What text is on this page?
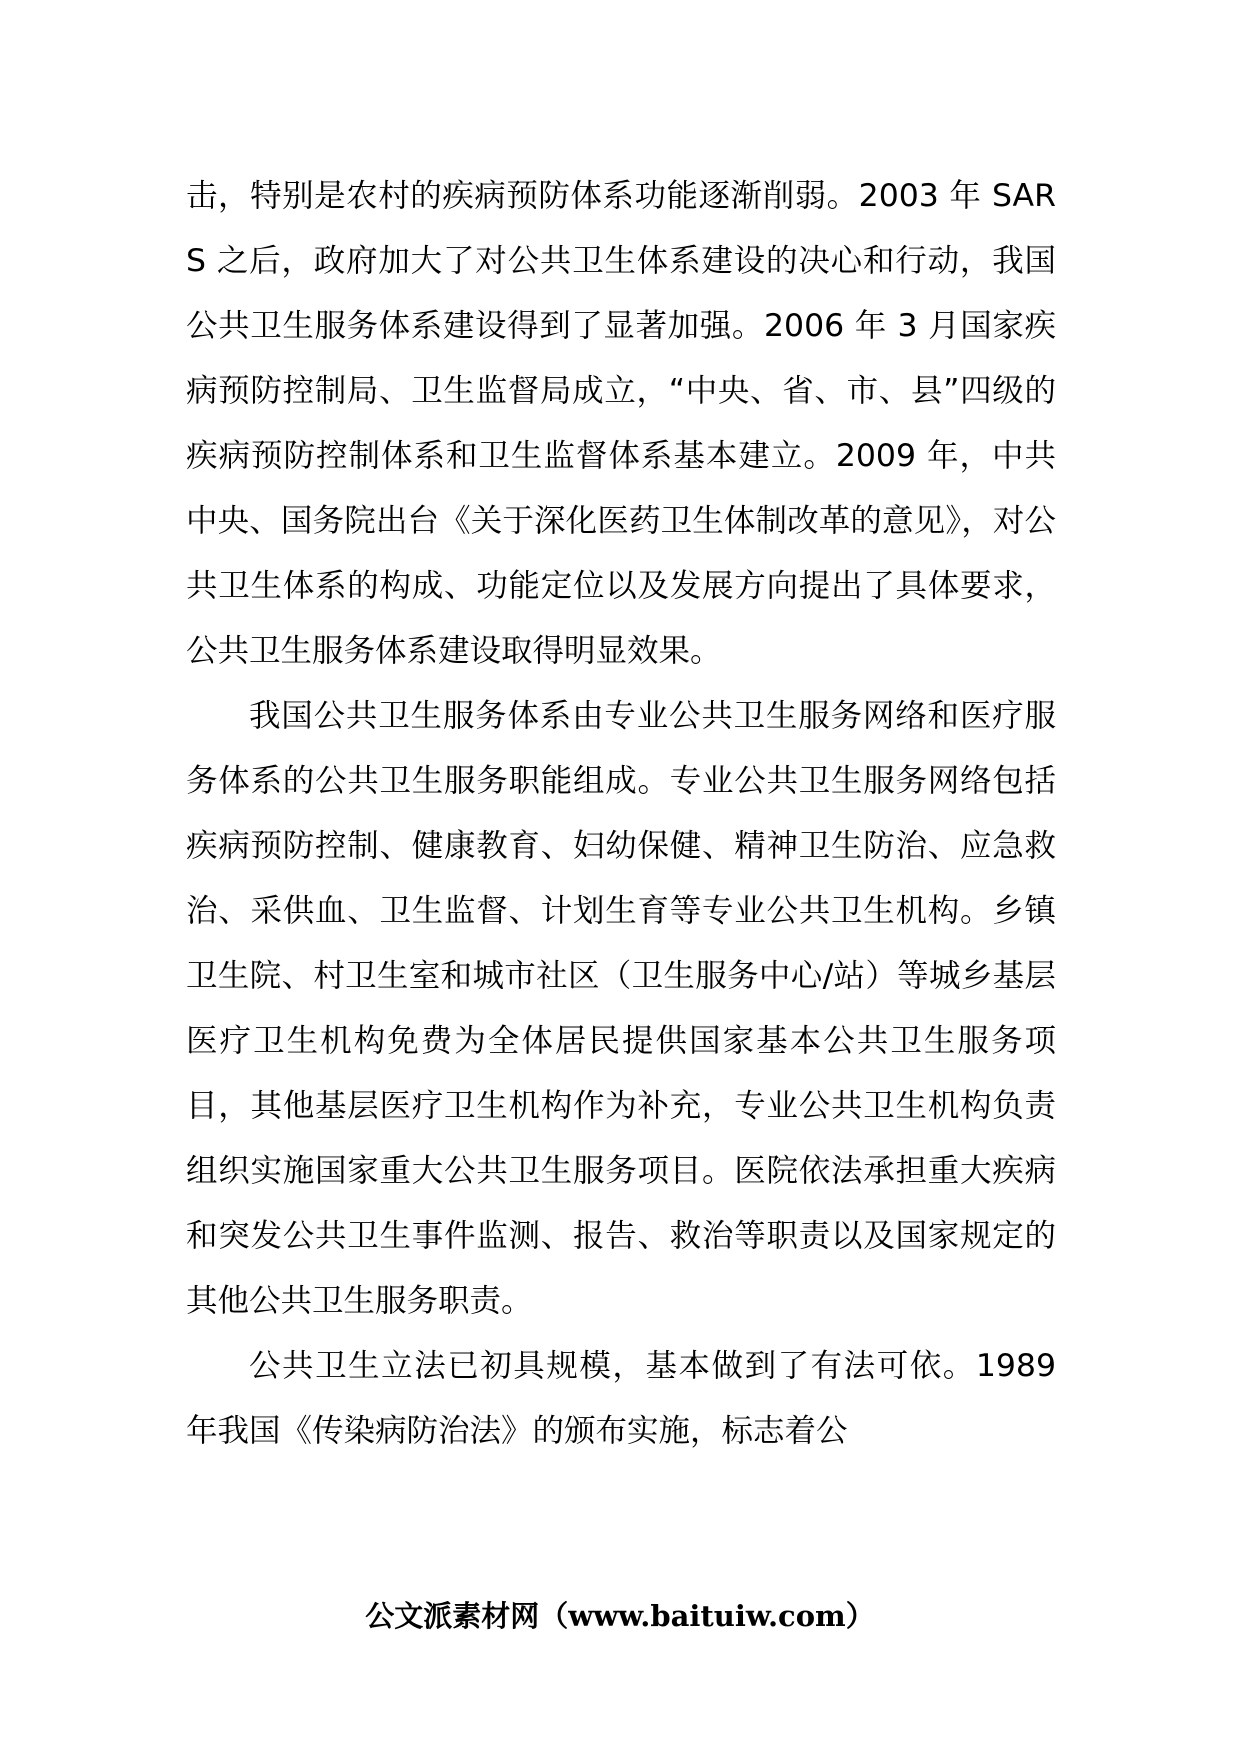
击，特别是农村的疾病预防体系功能逐渐削弱。2003 年 SARS 之后，政府加大了对公共卫生体系建设的决心和行动，我国公共卫生服务体系建设得到了显著加强。2006 年 3 月国家疾病预防控制局、卫生监督局成立，“中央、省、市、县”四级的疾病预防控制体系和卫生监督体系基本建立。2009 年，中共中央、国务院出台《关于深化医药卫生体制改革的意见》，对公共卫生体系的构成、功能定位以及发展方向提出了具体要求，公共卫生服务体系建设取得明显效果。

我国公共卫生服务体系由专业公共卫生服务网络和医疗服务体系的公共卫生服务职能组成。专业公共卫生服务网络包括疾病预防控制、健康教育、妇幼保健、精神卫生防治、应急救治、采供血、卫生监督、计划生育等专业公共卫生机构。乡镇卫生院、村卫生室和城市社区（卫生服务中心/站）等城乡基层医疗卫生机构免费为全体居民提供国家基本公共卫生服务项目，其他基层医疗卫生机构作为补充，专业公共卫生机构负责组织实施国家重大公共卫生服务项目。医院依法承担重大疾病和突发公共卫生事件监测、报告、救治等职责以及国家规定的其他公共卫生服务职责。

公共卫生立法已初具规模，基本做到了有法可依。1989 年我国《传染病防治法》的颁布实施，标志着公

公文派素材网（www.baituiw.com）
